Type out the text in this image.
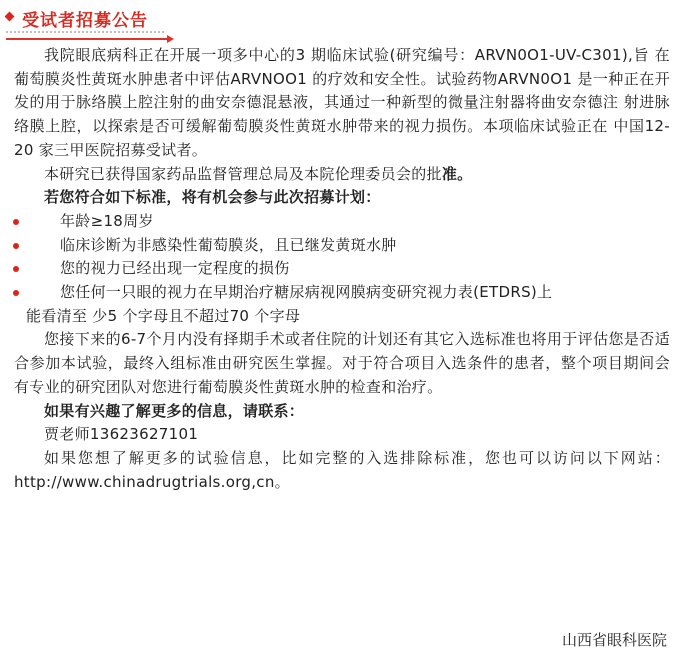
受试者招募公告

我院眼底病科正在开展一项多中心的3 期临床试验(研究编号：ARVN0O1-UV-C301),旨 在葡萄膜炎性黄斑水肿患者中评估ARVNOO1 的疗效和安全性。试验药物ARVN0O1 是一种正在开 发的用于脉络膜上腔注射的曲安奈德混悬液，其通过一种新型的微量注射器将曲安奈德注 射进脉络膜上腔，以探索是否可缓解葡萄膜炎性黄斑水肿带来的视力损伤。本项临床试验正在 中国12-20 家三甲医院招募受试者。

本研究已获得国家药品监督管理总局及本院伦理委员会的批准。

若您符合如下标准，将有机会参与此次招募计划：

年龄≥18周岁
临床诊断为非感染性葡萄膜炎，且已继发黄斑水肿
您的视力已经出现一定程度的损伤
您任何一只眼的视力在早期治疗糖尿病视网膜病变研究视力表(ETDRS)上

能看清至 少5 个字母且不超过70 个字母

您接下来的6-7个月内没有择期手术或者住院的计划还有其它入选标准也将用于评估您是否适合参加本试验，最终入组标准由研究医生掌握。对于符合项目入选条件的患者，整个项目期间会有专业的研究团队对您进行葡萄膜炎性黄斑水肿的检查和治疗。

如果有兴趣了解更多的信息，请联系：

贾老师13623627101

如果您想了解更多的试验信息，比如完整的入选排除标准，您也可以访问以下网站：http://www.chinadrugtrials.org,cn。

山西省眼科医院
